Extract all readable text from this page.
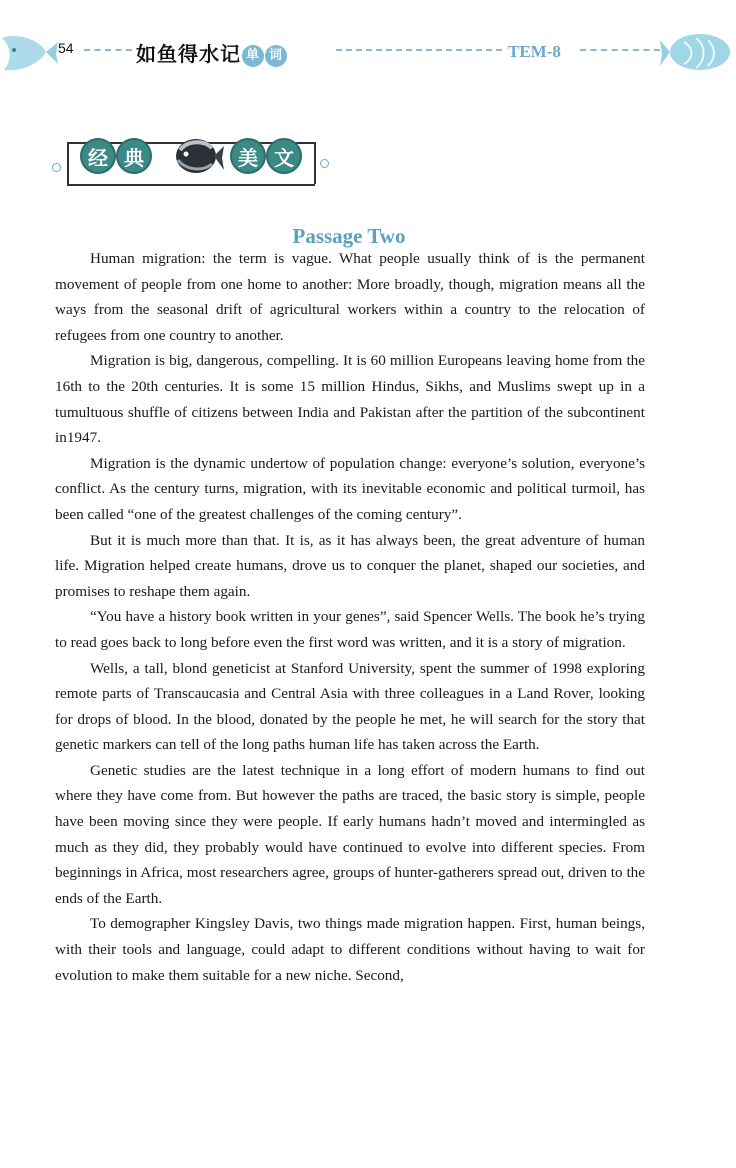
54	如鱼得水记 单 词	TEM-8
经 典	美 文
Passage Two

Human migration: the term is vague. What people usually think of is the permanent movement of people from one home to another: More broadly, though, migration means all the ways from the seasonal drift of agricultural workers within a country to the relocation of refugees from one country to another.

Migration is big, dangerous, compelling. It is 60 million Europeans leaving home from the 16th to the 20th centuries. It is some 15 million Hindus, Sikhs, and Muslims swept up in a tumultuous shuffle of citizens between India and Pakistan after the partition of the subcontinent in1947.

Migration is the dynamic undertow of population change: everyone’s solution, everyone’s conflict. As the century turns, migration, with its inevitable economic and political turmoil, has been called “one of the greatest challenges of the coming century”.

But it is much more than that. It is, as it has always been, the great adventure of human life. Migration helped create humans, drove us to conquer the planet, shaped our societies, and promises to reshape them again.

“You have a history book written in your genes”, said Spencer Wells. The book he’s trying to read goes back to long before even the first word was written, and it is a story of migration.

Wells, a tall, blond geneticist at Stanford University, spent the summer of 1998 exploring remote parts of Transcaucasia and Central Asia with three colleagues in a Land Rover, looking for drops of blood. In the blood, donated by the people he met, he will search for the story that genetic markers can tell of the long paths human life has taken across the Earth.

Genetic studies are the latest technique in a long effort of modern humans to find out where they have come from. But however the paths are traced, the basic story is simple, people have been moving since they were people. If early humans hadn’t moved and intermingled as much as they did, they probably would have continued to evolve into different species. From beginnings in Africa, most researchers agree, groups of hunter-gatherers spread out, driven to the ends of the Earth.

To demographer Kingsley Davis, two things made migration happen. First, human beings, with their tools and language, could adapt to different conditions without having to wait for evolution to make them suitable for a new niche. Second,
